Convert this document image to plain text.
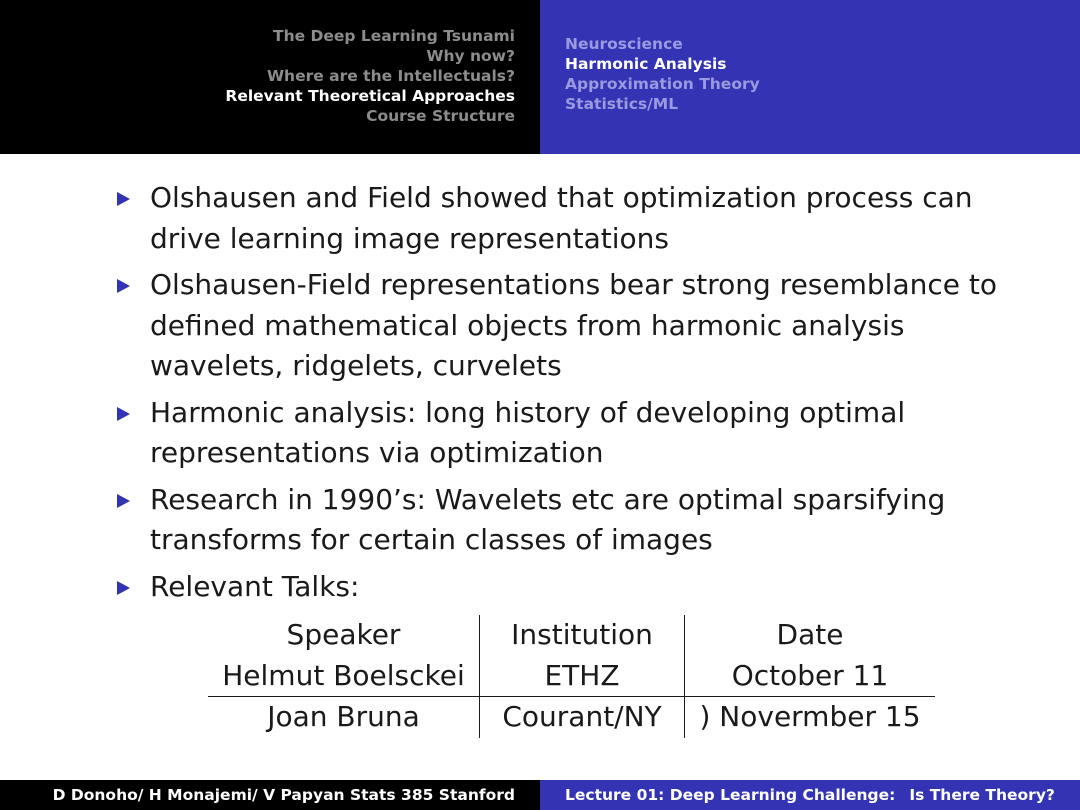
The Deep Learning Tsunami
Why now?
Where are the Intellectuals?
Relevant Theoretical Approaches
Course Structure
Neuroscience
Harmonic Analysis
Approximation Theory
Statistics/ML
Olshausen and Field showed that optimization process can
drive learning image representations
Olshausen-Field representations bear strong resemblance to
defined mathematical objects from harmonic analysis
wavelets, ridgelets, curvelets
Harmonic analysis: long history of developing optimal
representations via optimization
Research in 1990’s: Wavelets etc are optimal sparsifying
transforms for certain classes of images
Relevant Talks:
Speaker	Institution	Date
Helmut Boelsckei	ETHZ	October 11
Joan Bruna	Courant/NY	) Novermber 15
D Donoho/ H Monajemi/ V Papyan Stats 385 Stanford	Lecture 01: Deep Learning Challenge: Is There Theory?
